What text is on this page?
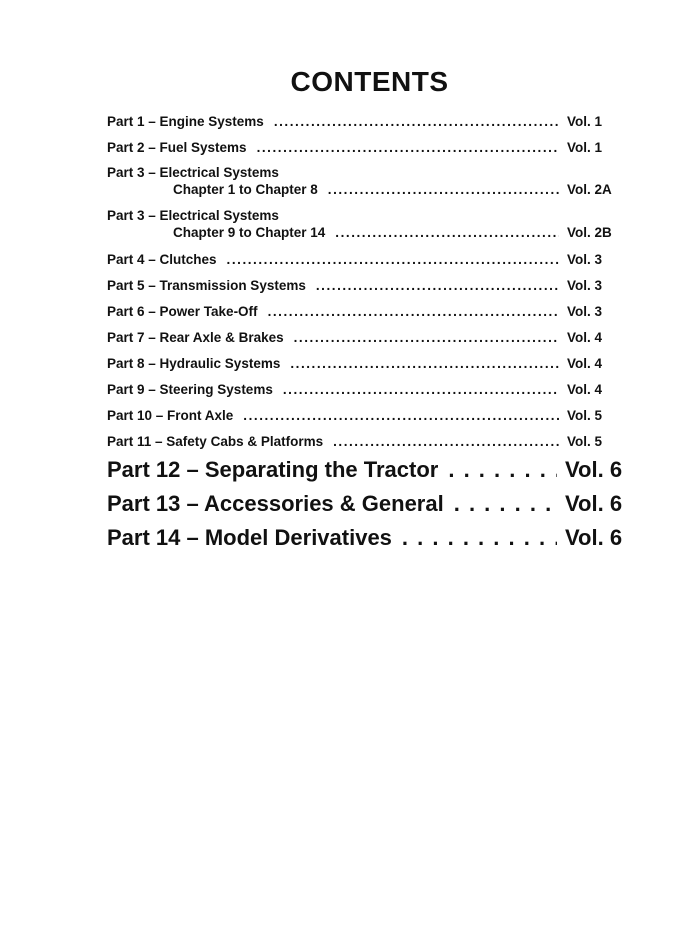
CONTENTS
Part 1 – Engine Systems . . .	Vol. 1
Part 2 – Fuel Systems . . .	Vol. 1
Part 3 – Electrical Systems
Chapter 1 to Chapter 8 . . .	Vol. 2A
Part 3 – Electrical Systems
Chapter 9 to Chapter 14 . . .	Vol. 2B
Part 4 – Clutches . . .	Vol. 3
Part 5 – Transmission Systems . . .	Vol. 3
Part 6 – Power Take-Off . . .	Vol. 3
Part 7 – Rear Axle & Brakes . . .	Vol. 4
Part 8 – Hydraulic Systems . . .	Vol. 4
Part 9 – Steering Systems . . .	Vol. 4
Part 10 – Front Axle . . .	Vol. 5
Part 11 – Safety Cabs & Platforms . . .	Vol. 5
Part 12 – Separating the Tractor . . .	Vol. 6
Part 13 – Accessories & General . . .	Vol. 6
Part 14 – Model Derivatives . . .	Vol. 6
